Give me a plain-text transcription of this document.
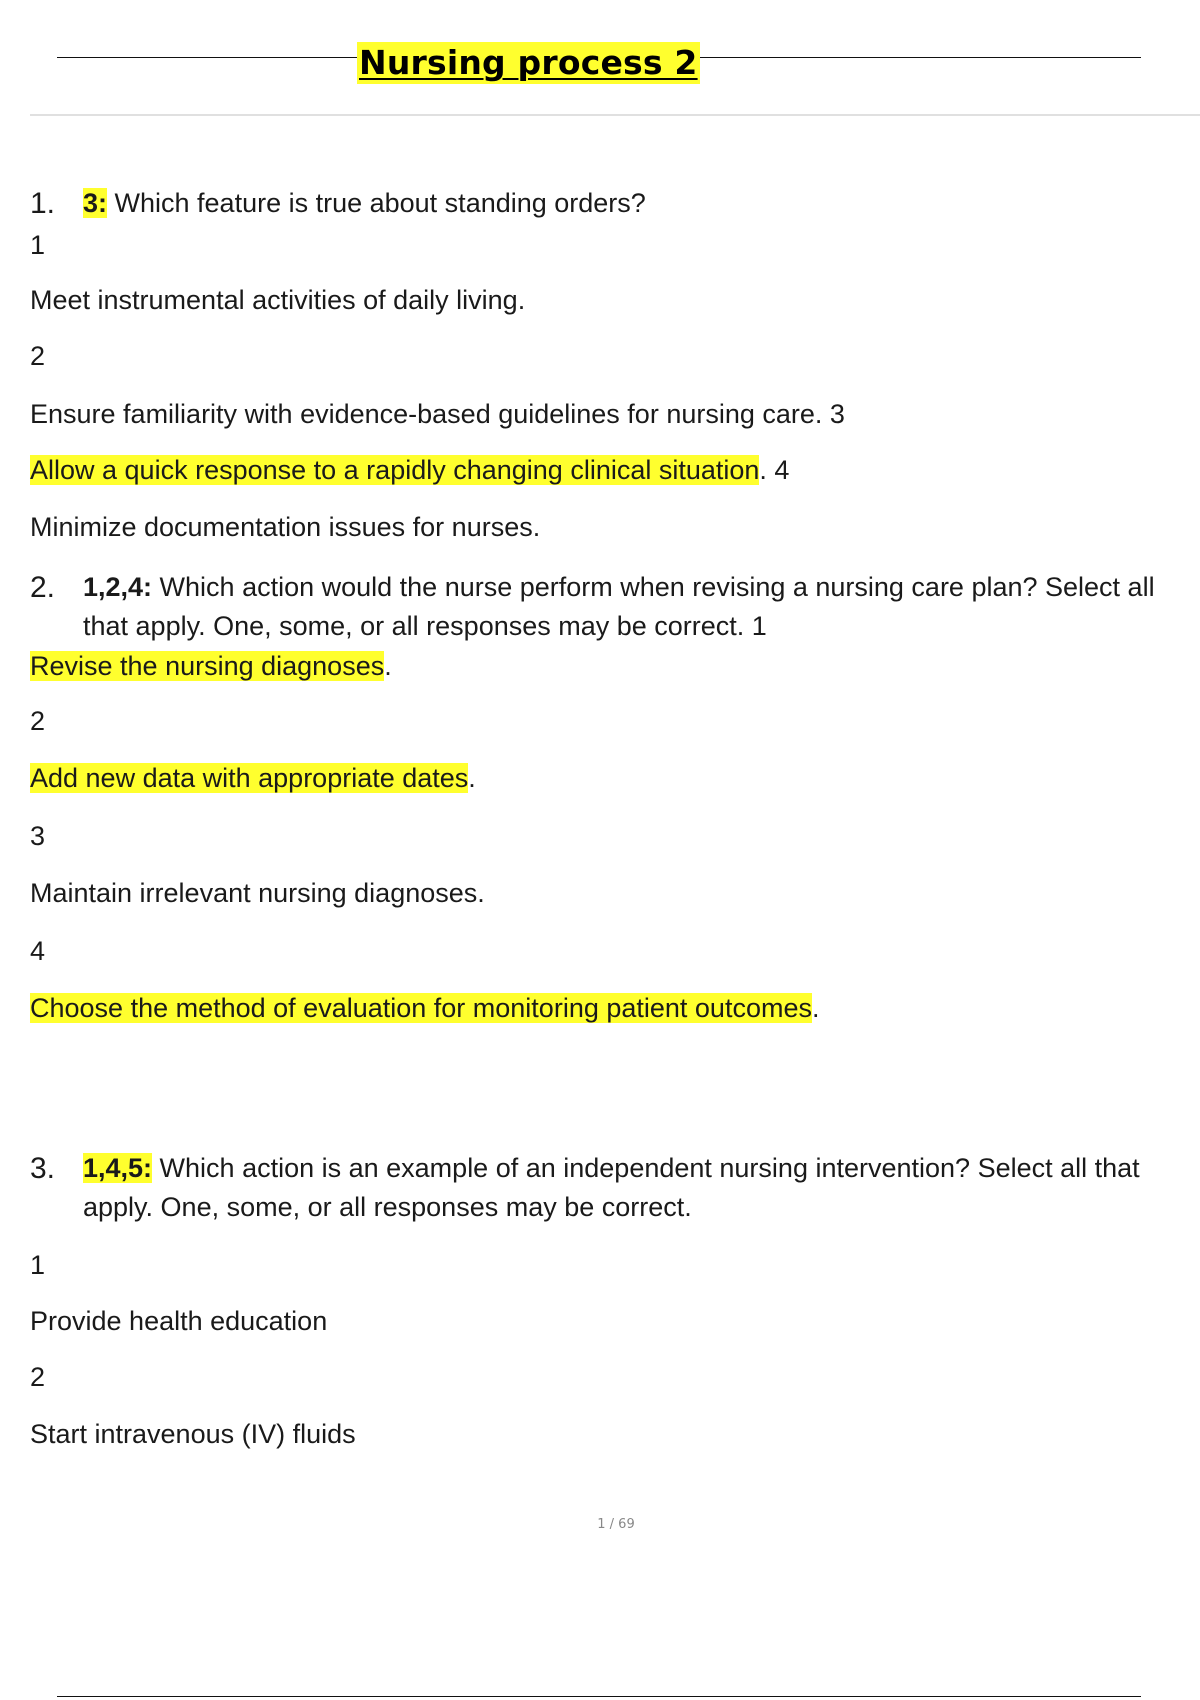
Nursing process 2

1. 3: Which feature is true about standing orders?

1

Meet instrumental activities of daily living.

2

Ensure familiarity with evidence-based guidelines for nursing care. 3

Allow a quick response to a rapidly changing clinical situation. 4

Minimize documentation issues for nurses.

2. 1,2,4: Which action would the nurse perform when revising a nursing care plan? Select all that apply. One, some, or all responses may be correct. 1

Revise the nursing diagnoses.

2

Add new data with appropriate dates.

3

Maintain irrelevant nursing diagnoses.

4

Choose the method of evaluation for monitoring patient outcomes.

3. 1,4,5: Which action is an example of an independent nursing intervention? Select all that apply. One, some, or all responses may be correct.

1

Provide health education

2

Start intravenous (IV) fluids

1 / 69
